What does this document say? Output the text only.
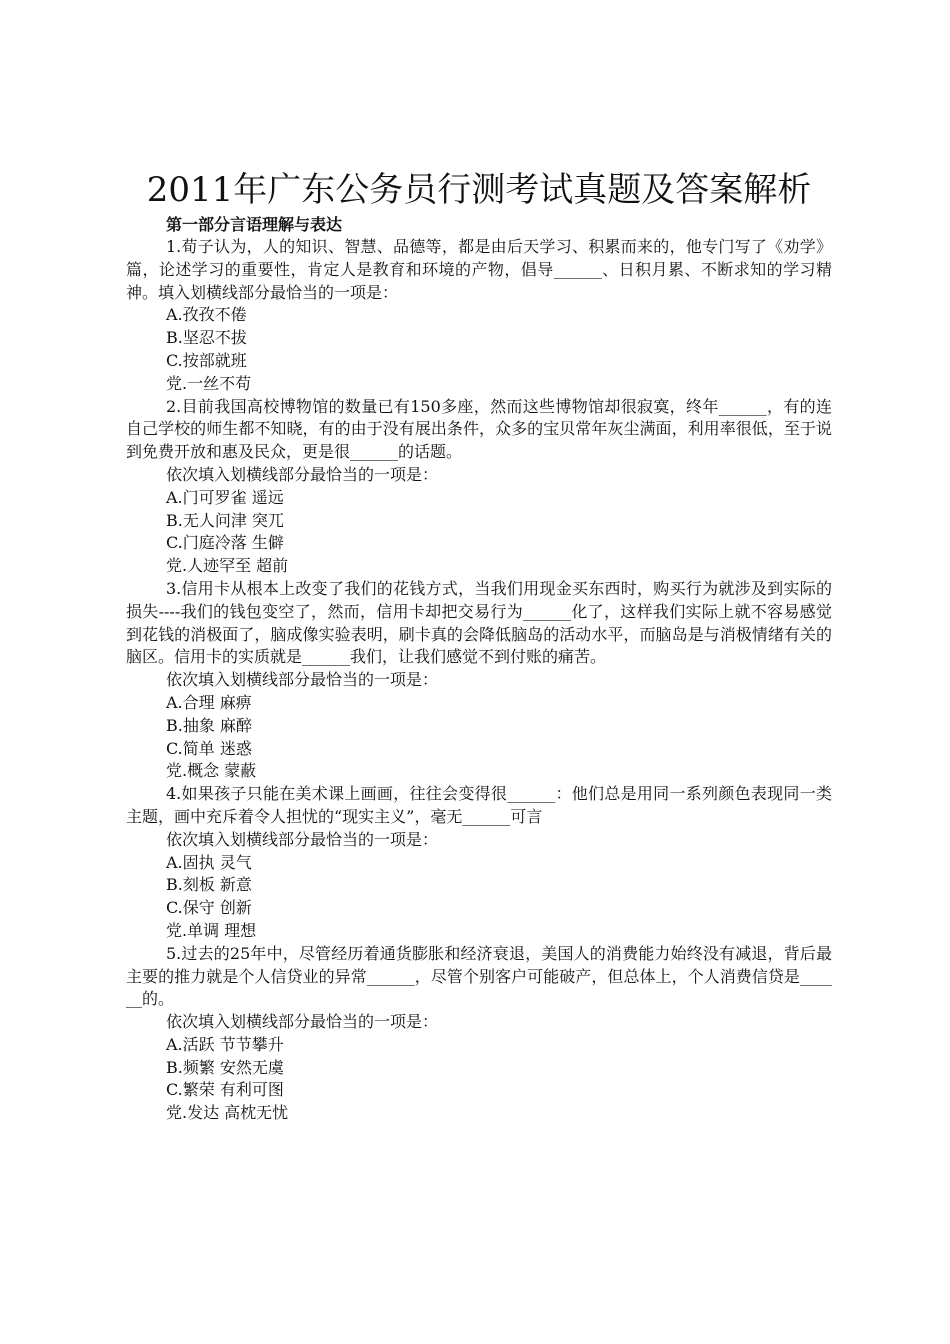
2011年广东公务员行测考试真题及答案解析

第一部分言语理解与表达

1.荀子认为，人的知识、智慧、品德等，都是由后天学习、积累而来的，他专门写了《劝学》篇，论述学习的重要性，肯定人是教育和环境的产物，倡导______、日积月累、不断求知的学习精神。填入划横线部分最恰当的一项是：

A.孜孜不倦

B.坚忍不拔

C.按部就班

党.一丝不苟

2.目前我国高校博物馆的数量已有150多座，然而这些博物馆却很寂寞，终年______，有的连自己学校的师生都不知晓，有的由于没有展出条件，众多的宝贝常年灰尘满面，利用率很低，至于说到免费开放和惠及民众，更是很______的话题。

依次填入划横线部分最恰当的一项是：

A.门可罗雀 遥远

B.无人问津 突兀

C.门庭冷落 生僻

党.人迹罕至 超前

3.信用卡从根本上改变了我们的花钱方式，当我们用现金买东西时，购买行为就涉及到实际的损失----我们的钱包变空了，然而，信用卡却把交易行为______化了，这样我们实际上就不容易感觉到花钱的消极面了，脑成像实验表明，刷卡真的会降低脑岛的活动水平，而脑岛是与消极情绪有关的脑区。信用卡的实质就是______我们，让我们感觉不到付账的痛苦。

依次填入划横线部分最恰当的一项是：

A.合理 麻痹

B.抽象 麻醉

C.简单 迷惑

党.概念 蒙蔽

4.如果孩子只能在美术课上画画，往往会变得很______：他们总是用同一系列颜色表现同一类主题，画中充斥着令人担忧的“现实主义”，毫无______可言

依次填入划横线部分最恰当的一项是：

A.固执 灵气

B.刻板 新意

C.保守 创新

党.单调 理想

5.过去的25年中，尽管经历着通货膨胀和经济衰退，美国人的消费能力始终没有减退，背后最主要的推力就是个人信贷业的异常______，尽管个别客户可能破产，但总体上，个人消费信贷是______的。

依次填入划横线部分最恰当的一项是：

A.活跃 节节攀升

B.频繁 安然无虞

C.繁荣 有利可图

党.发达 高枕无忧
